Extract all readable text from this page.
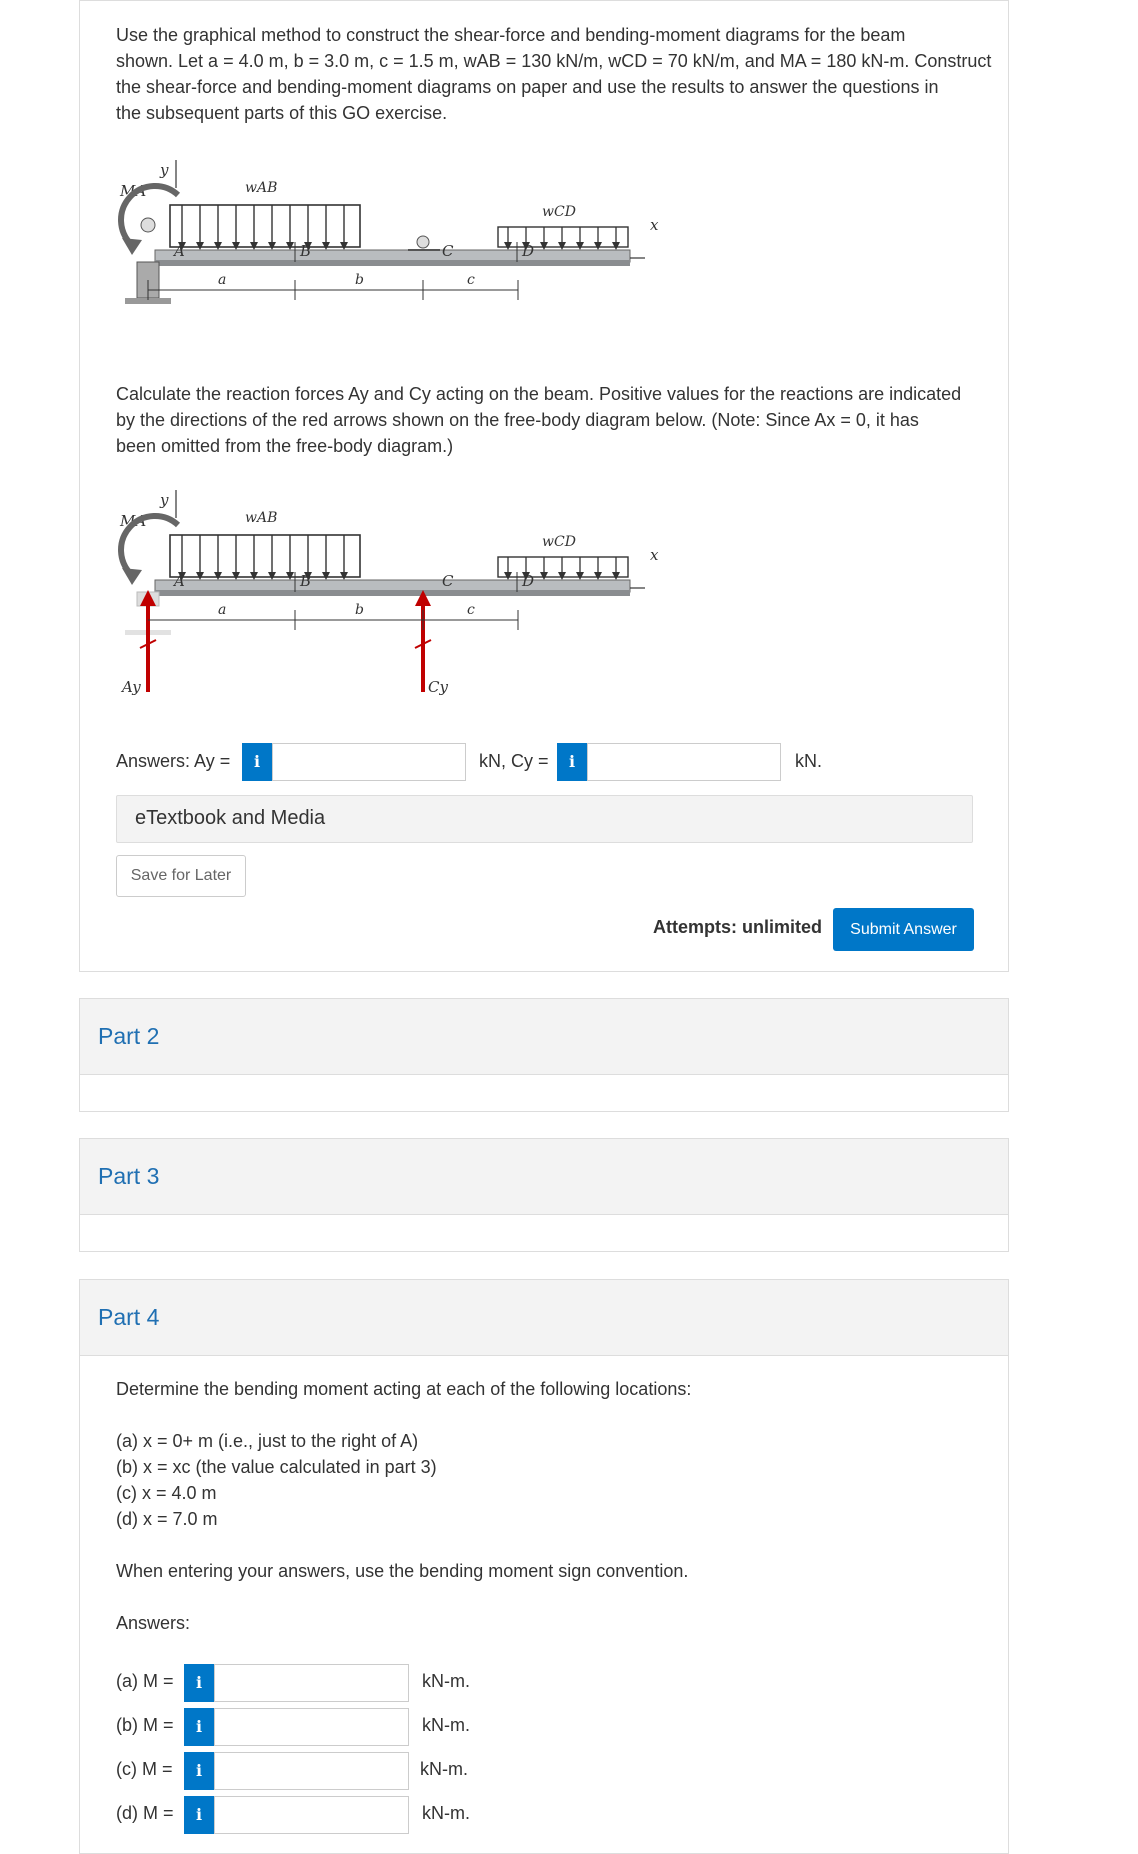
Use the graphical method to construct the shear-force and bending-moment diagrams for the beam
shown. Let a = 4.0 m, b = 3.0 m, c = 1.5 m, wAB = 130 kN/m, wCD = 70 kN/m, and MA = 180 kN-m. Construct
the shear-force and bending-moment diagrams on paper and use the results to answer the questions in
the subsequent parts of this GO exercise.
y
wAB
wCD
MA
x
A	B	C	D
a	b	c
Calculate the reaction forces Ay and Cy acting on the beam. Positive values for the reactions are indicated
by the directions of the red arrows shown on the free-body diagram below. (Note: Since Ax = 0, it has
been omitted from the free-body diagram.)
y
wAB
wCD
MA
x
Ay
A
Cy
B	C	D
a	b	c
Answers: Ay =	i	kN, Cy =	i	kN.
eTextbook and Media
Save for Later
Attempts: unlimited	Submit Answer
Part 2
Part 3
Part 4
Determine the bending moment acting at each of the following locations:
(a) x = 0+ m (i.e., just to the right of A)
(b) x = xc (the value calculated in part 3)
(c) x = 4.0 m
(d) x = 7.0 m
When entering your answers, use the bending moment sign convention.
Answers:
(a) M =	i	kN-m.
(b) M =	i	kN-m.
(c) M =	i	kN-m.
(d) M =	i	kN-m.
